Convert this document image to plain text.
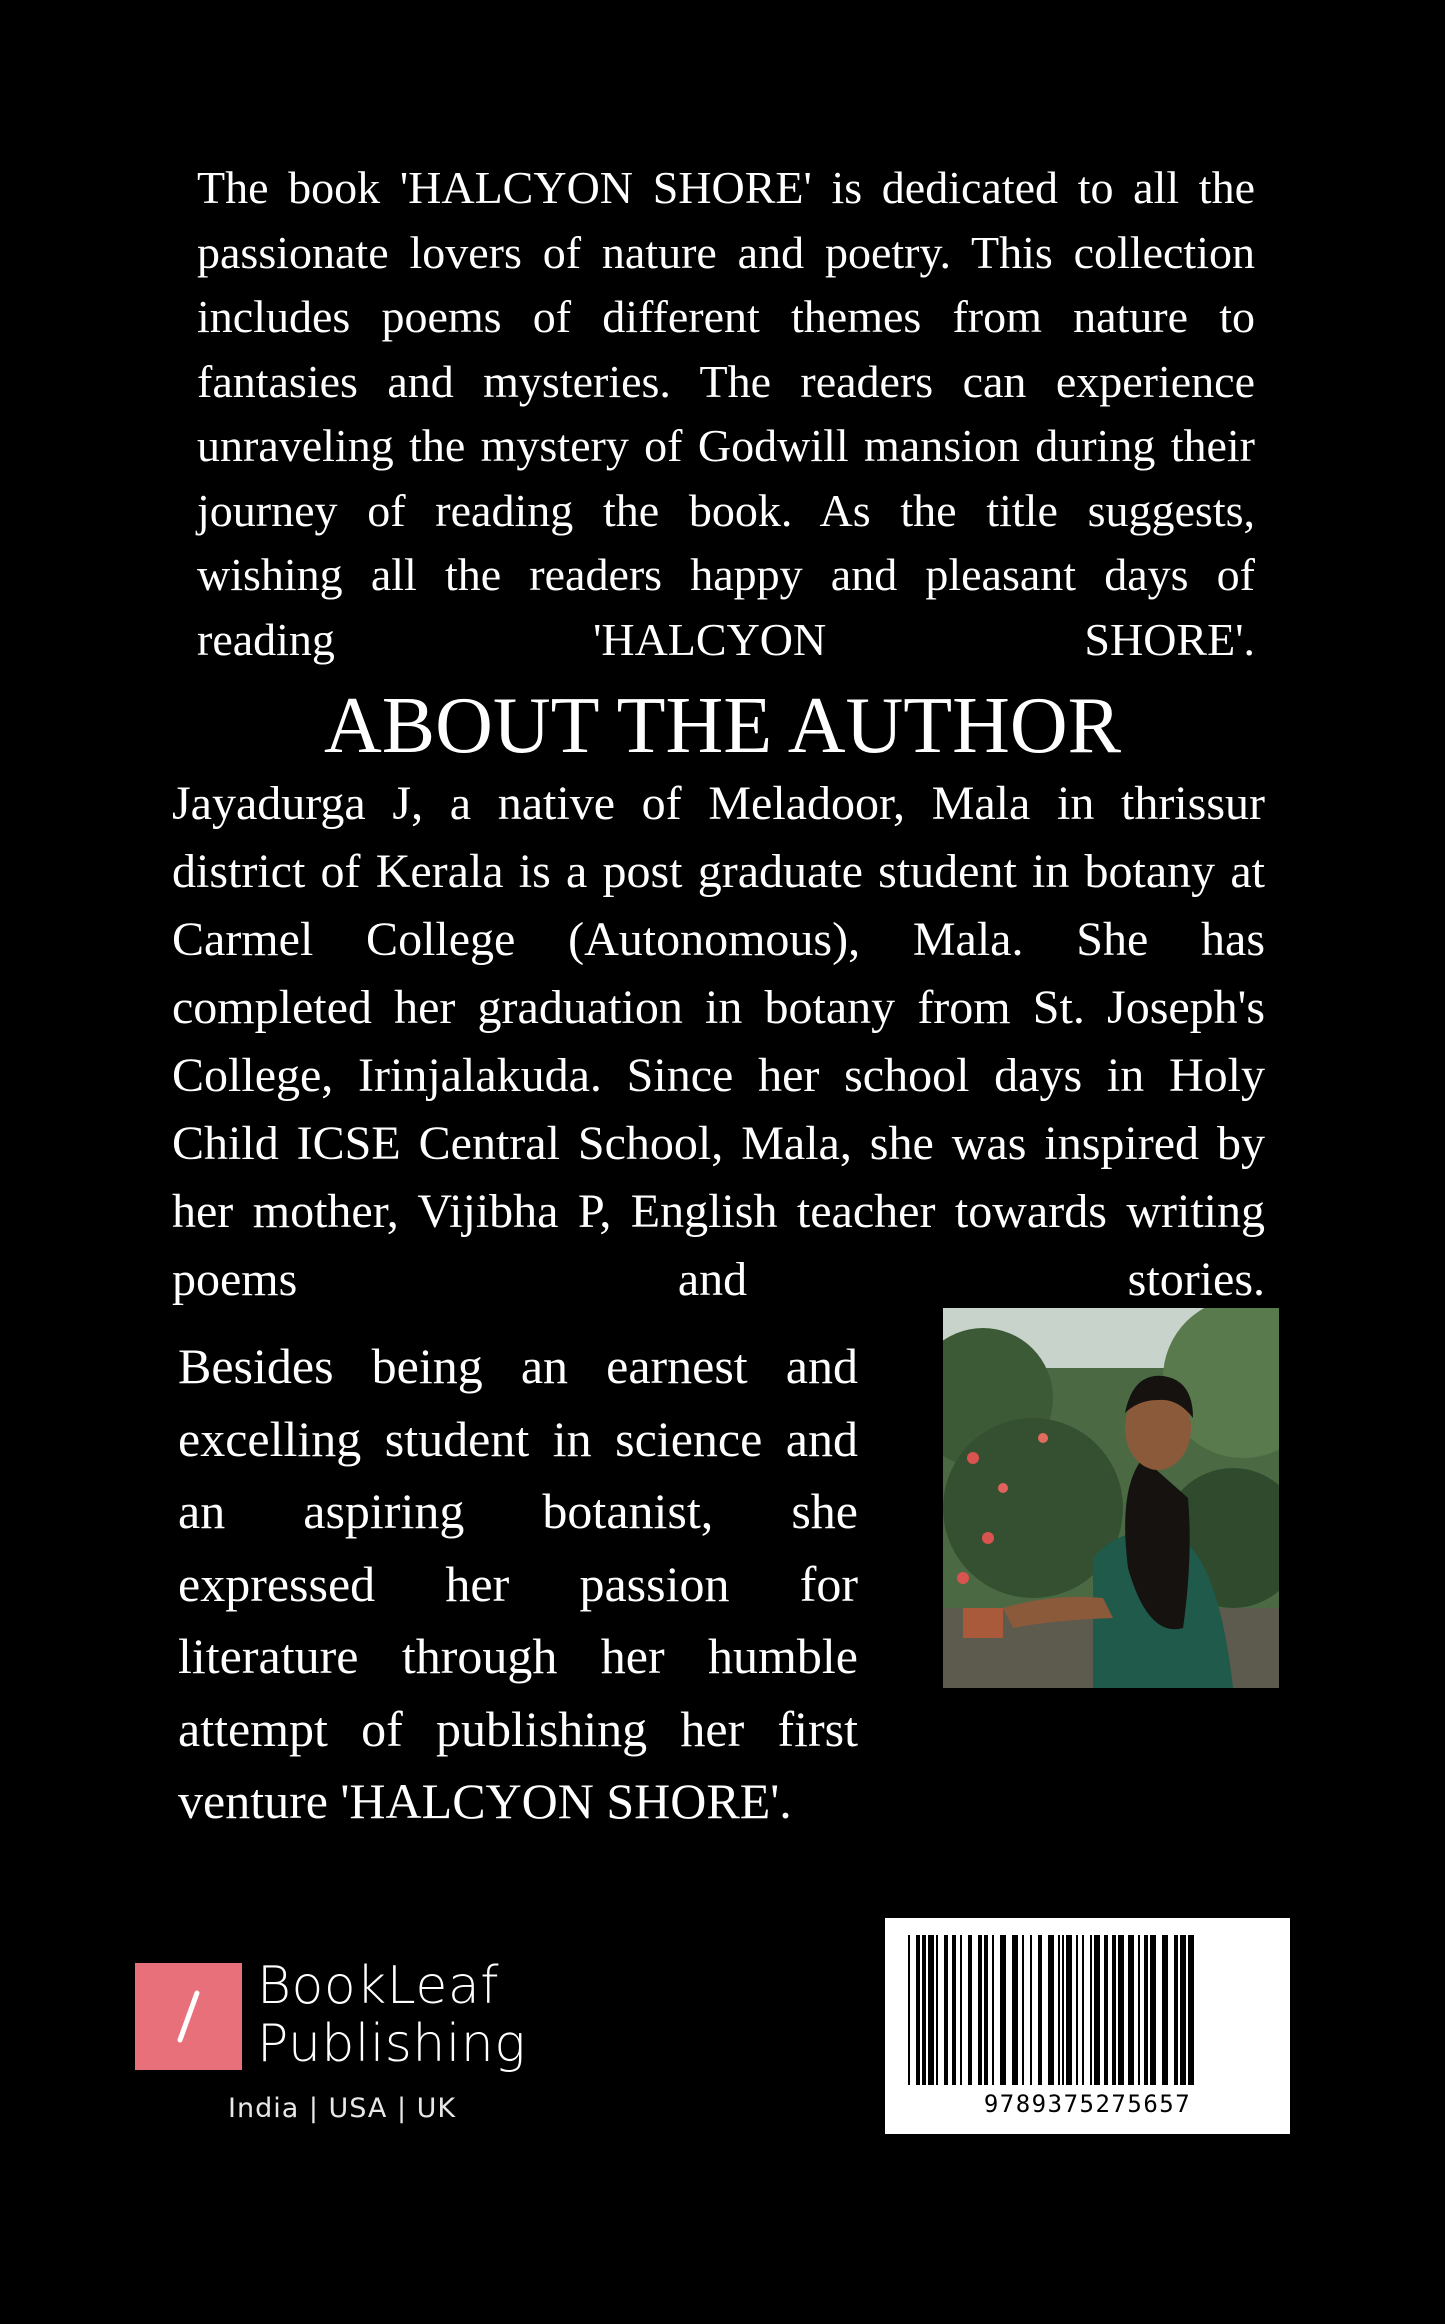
The book 'HALCYON SHORE' is dedicated to all the passionate lovers of nature and poetry. This collection includes poems of different themes from nature to fantasies and mysteries. The readers can experience unraveling the mystery of Godwill mansion during their journey of reading the book. As the title suggests, wishing all the readers happy and pleasant days of reading 'HALCYON SHORE'.

ABOUT THE AUTHOR

Jayadurga J, a native of Meladoor, Mala in thrissur district of Kerala is a post graduate student in botany at Carmel College (Autonomous), Mala. She has completed her graduation in botany from St. Joseph's College, Irinjalakuda. Since her school days in Holy Child ICSE Central School, Mala, she was inspired by her mother, Vijibha P, English teacher towards writing poems and stories.

Besides being an earnest and excelling student in science and an aspiring botanist, she expressed her passion for literature through her humble attempt of publishing her first venture 'HALCYON SHORE'.

BookLeaf
Publishing
India | USA | UK	9789375275657
